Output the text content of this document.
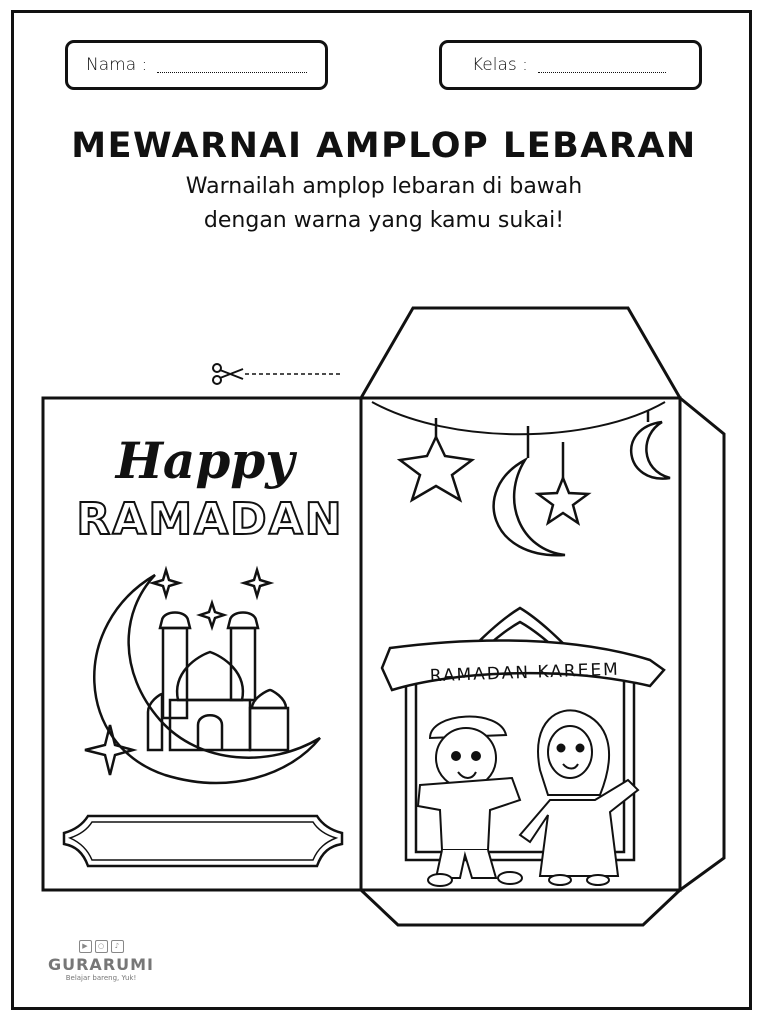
Nama :	Kelas :
MEWARNAI AMPLOP LEBARAN
Warnailah amplop lebaran di bawah
dengan warna yang kamu sukai!
Happy
RAMADAN
RAMADAN KAREEM
▶	○	♪
GURARUMI
Belajar bareng, Yuk!
